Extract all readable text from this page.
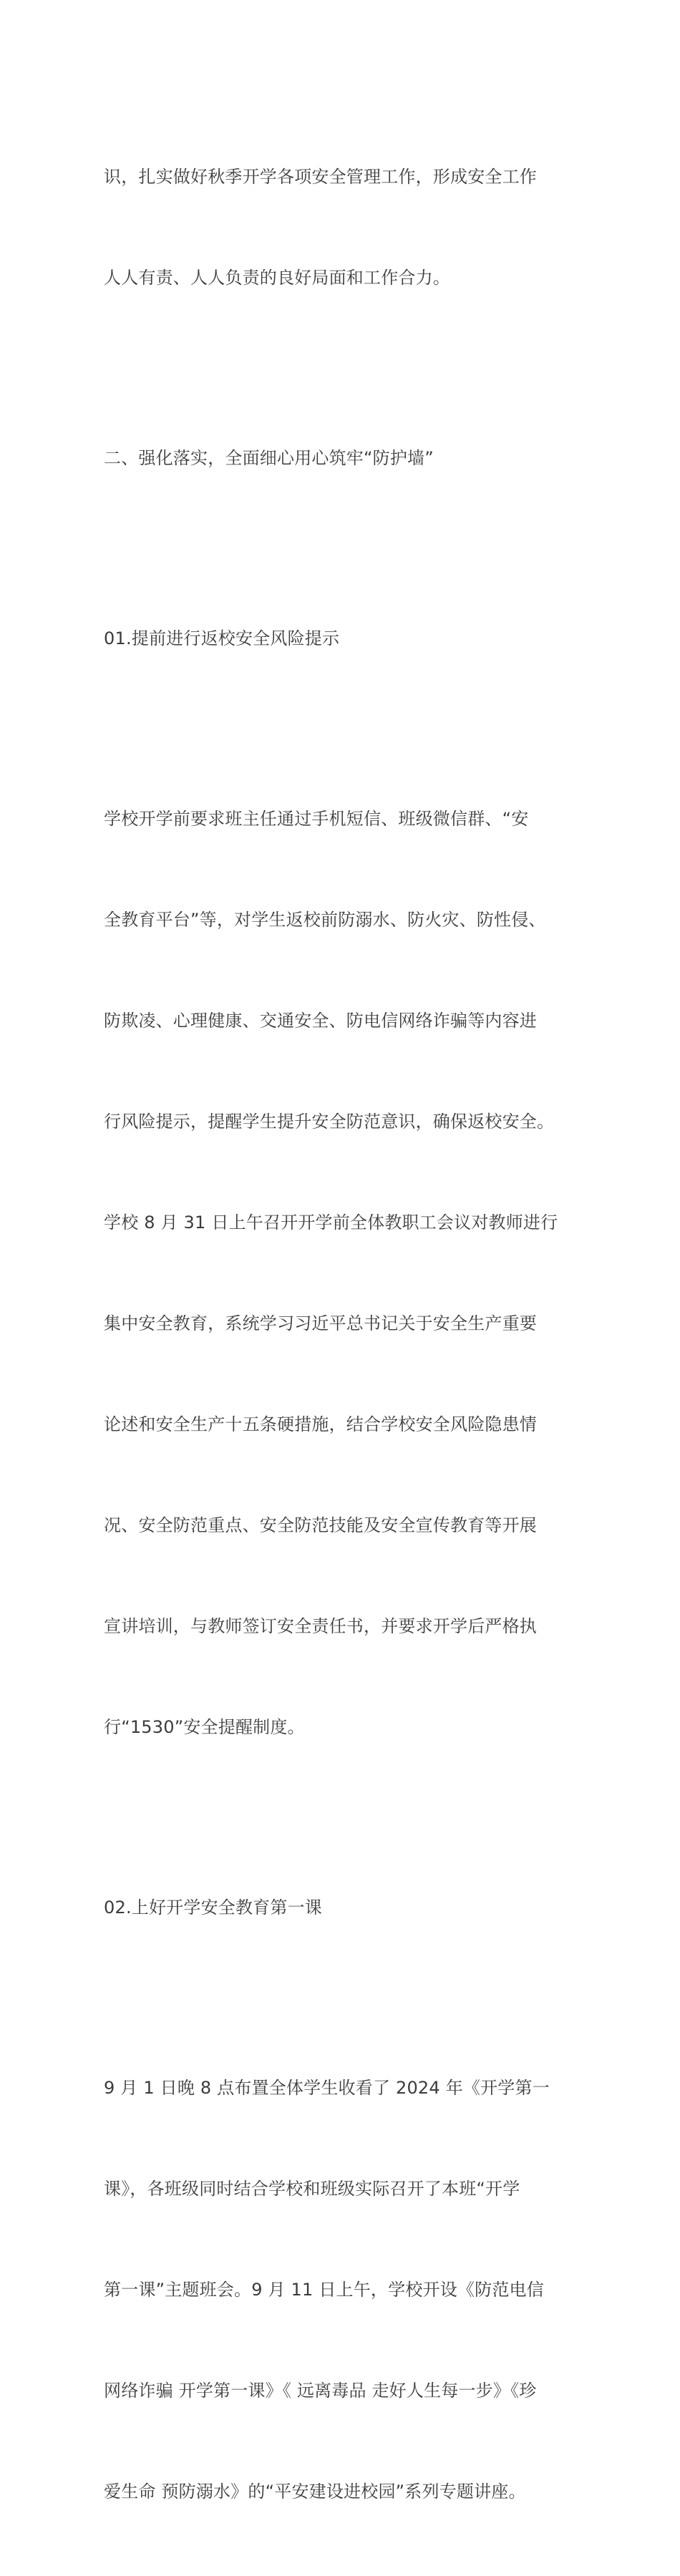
识，扎实做好秋季开学各项安全管理工作，形成安全工作

人人有责、人人负责的良好局面和工作合力。

二、强化落实，全面细心用心筑牢“防护墙”

01.提前进行返校安全风险提示

学校开学前要求班主任通过手机短信、班级微信群、“安

全教育平台”等，对学生返校前防溺水、防火灾、防性侵、

防欺凌、心理健康、交通安全、防电信网络诈骗等内容进

行风险提示，提醒学生提升安全防范意识，确保返校安全。

学校 8 月 31 日上午召开开学前全体教职工会议对教师进行

集中安全教育，系统学习习近平总书记关于安全生产重要

论述和安全生产十五条硬措施，结合学校安全风险隐患情

况、安全防范重点、安全防范技能及安全宣传教育等开展

宣讲培训，与教师签订安全责任书，并要求开学后严格执

行“1530”安全提醒制度。

02.上好开学安全教育第一课

9 月 1 日晚 8 点布置全体学生收看了 2024 年《开学第一

课》，各班级同时结合学校和班级实际召开了本班“开学

第一课”主题班会。9 月 11 日上午，学校开设《防范电信

网络诈骗 开学第一课》《 远离毒品 走好人生每一步》《珍

爱生命 预防溺水》的“平安建设进校园”系列专题讲座。
